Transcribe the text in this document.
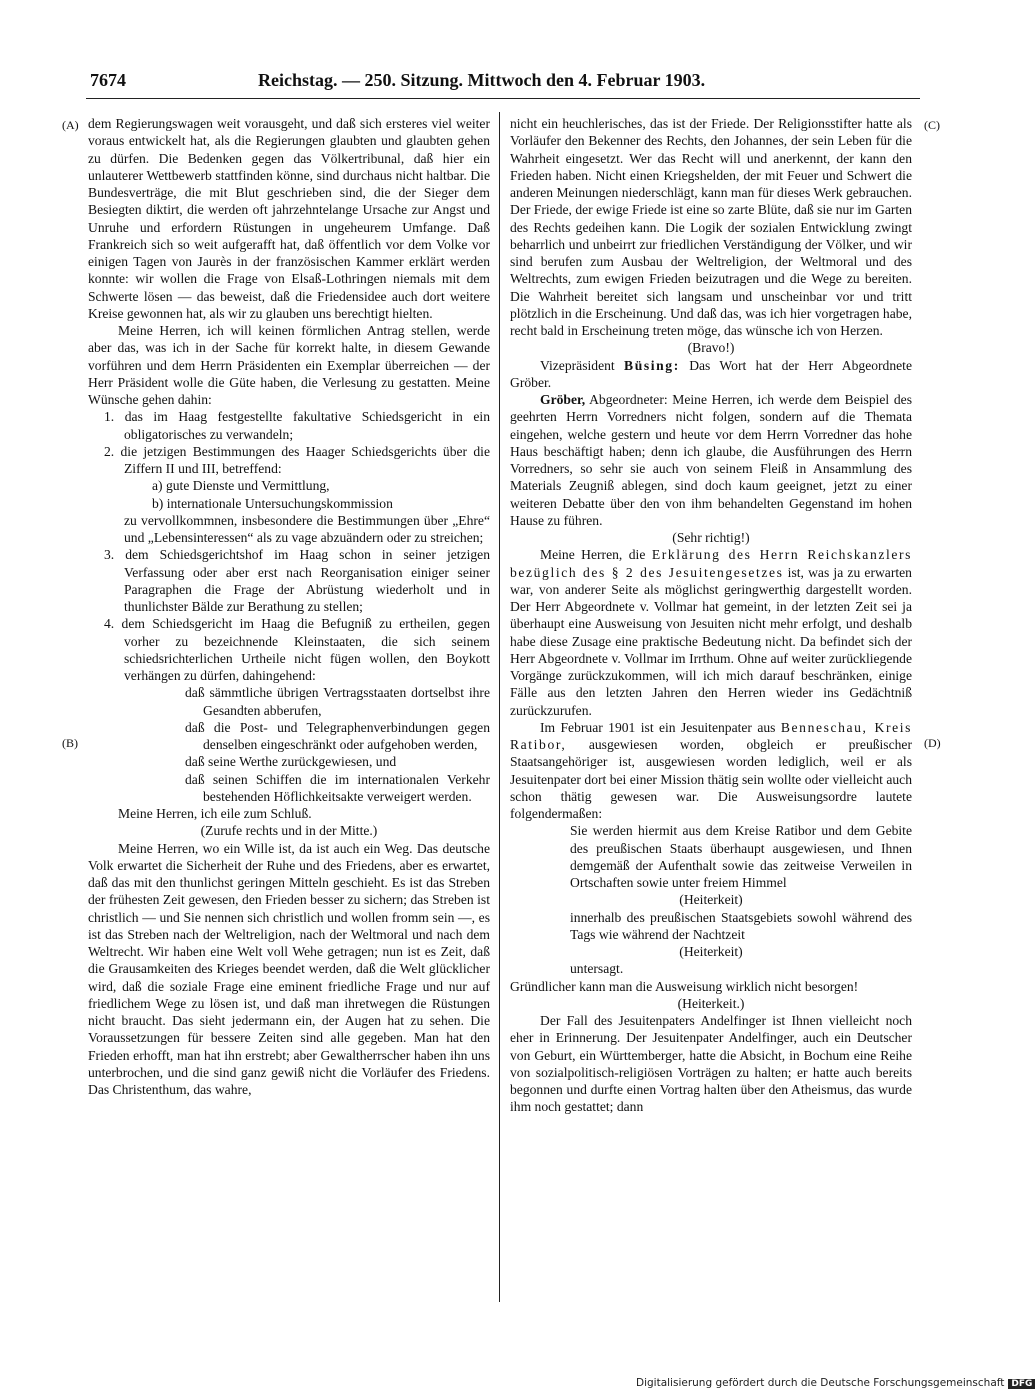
7674	Reichstag. — 250. Sitzung. Mittwoch den 4. Februar 1903.
(A)
(B)
(C)
(D)

dem Regierungswagen weit vorausgeht, und daß sich ersteres viel weiter voraus entwickelt hat, als die Regierungen glaubten und glaubten gehen zu dürfen. Die Bedenken gegen das Völkertribunal, daß hier ein unlauterer Wettbewerb stattfinden könne, sind durchaus nicht haltbar. Die Bundesverträge, die mit Blut geschrieben sind, die der Sieger dem Besiegten diktirt, die werden oft jahrzehntelange Ursache zur Angst und Unruhe und erfordern Rüstungen in ungeheurem Umfange. Daß Frankreich sich so weit aufgerafft hat, daß öffentlich vor dem Volke vor einigen Tagen von Jaurès in der französischen Kammer erklärt werden konnte: wir wollen die Frage von Elsaß-Lothringen niemals mit dem Schwerte lösen — das beweist, daß die Friedensidee auch dort weitere Kreise gewonnen hat, als wir zu glauben uns berechtigt hielten.

Meine Herren, ich will keinen förmlichen Antrag stellen, werde aber das, was ich in der Sache für korrekt halte, in diesem Gewande vorführen und dem Herrn Präsidenten ein Exemplar überreichen — der Herr Präsident wolle die Güte haben, die Verlesung zu gestatten. Meine Wünsche gehen dahin:

1. das im Haag festgestellte fakultative Schiedsgericht in ein obligatorisches zu verwandeln;

2. die jetzigen Bestimmungen des Haager Schiedsgerichts über die Ziffern II und III, betreffend:

a) gute Dienste und Vermittlung,

b) internationale Untersuchungskommission

zu vervollkommnen, insbesondere die Bestimmungen über „Ehre“ und „Lebensinteressen“ als zu vage abzuändern oder zu streichen;

3. dem Schiedsgerichtshof im Haag schon in seiner jetzigen Verfassung oder aber erst nach Reorganisation einiger seiner Paragraphen die Frage der Abrüstung wiederholt und in thunlichster Bälde zur Berathung zu stellen;

4. dem Schiedsgericht im Haag die Befugniß zu ertheilen, gegen vorher zu bezeichnende Kleinstaaten, die sich seinem schiedsrichterlichen Urtheile nicht fügen wollen, den Boykott verhängen zu dürfen, dahingehend:

daß sämmtliche übrigen Vertragsstaaten dortselbst ihre Gesandten abberufen,

daß die Post- und Telegraphenverbindungen gegen denselben eingeschränkt oder aufgehoben werden,

daß seine Werthe zurückgewiesen, und

daß seinen Schiffen die im internationalen Verkehr bestehenden Höflichkeitsakte verweigert werden.

Meine Herren, ich eile zum Schluß.

(Zurufe rechts und in der Mitte.)

Meine Herren, wo ein Wille ist, da ist auch ein Weg. Das deutsche Volk erwartet die Sicherheit der Ruhe und des Friedens, aber es erwartet, daß das mit den thunlichst geringen Mitteln geschieht. Es ist das Streben der frühesten Zeit gewesen, den Frieden besser zu sichern; das Streben ist christlich — und Sie nennen sich christlich und wollen fromm sein —, es ist das Streben nach der Weltreligion, nach der Weltmoral und nach dem Weltrecht. Wir haben eine Welt voll Wehe getragen; nun ist es Zeit, daß die Grausamkeiten des Krieges beendet werden, daß die Welt glücklicher wird, daß die soziale Frage eine eminent friedliche Frage und nur auf friedlichem Wege zu lösen ist, und daß man ihretwegen die Rüstungen nicht braucht. Das sieht jedermann ein, der Augen hat zu sehen. Die Voraussetzungen für bessere Zeiten sind alle gegeben. Man hat den Frieden erhofft, man hat ihn erstrebt; aber Gewaltherrscher haben ihn uns unterbrochen, und die sind ganz gewiß nicht die Vorläufer des Friedens. Das Christenthum, das wahre,

nicht ein heuchlerisches, das ist der Friede. Der Religionsstifter hatte als Vorläufer den Bekenner des Rechts, den Johannes, der sein Leben für die Wahrheit eingesetzt. Wer das Recht will und anerkennt, der kann den Frieden haben. Nicht einen Kriegshelden, der mit Feuer und Schwert die anderen Meinungen niederschlägt, kann man für dieses Werk gebrauchen. Der Friede, der ewige Friede ist eine so zarte Blüte, daß sie nur im Garten des Rechts gedeihen kann. Die Logik der sozialen Entwicklung zwingt beharrlich und unbeirrt zur friedlichen Verständigung der Völker, und wir sind berufen zum Ausbau der Weltreligion, der Weltmoral und des Weltrechts, zum ewigen Frieden beizutragen und die Wege zu bereiten. Die Wahrheit bereitet sich langsam und unscheinbar vor und tritt plötzlich in die Erscheinung. Und daß das, was ich hier vorgetragen habe, recht bald in Erscheinung treten möge, das wünsche ich von Herzen.

(Bravo!)

Vizepräsident Büsing: Das Wort hat der Herr Abgeordnete Gröber.

Gröber, Abgeordneter: Meine Herren, ich werde dem Beispiel des geehrten Herrn Vorredners nicht folgen, sondern auf die Themata eingehen, welche gestern und heute vor dem Herrn Vorredner das hohe Haus beschäftigt haben; denn ich glaube, die Ausführungen des Herrn Vorredners, so sehr sie auch von seinem Fleiß in Ansammlung des Materials Zeugniß ablegen, sind doch kaum geeignet, jetzt zu einer weiteren Debatte über den von ihm behandelten Gegenstand im hohen Hause zu führen.

(Sehr richtig!)

Meine Herren, die Erklärung des Herrn Reichskanzlers bezüglich des § 2 des Jesuitengesetzes ist, was ja zu erwarten war, von anderer Seite als möglichst geringwerthig dargestellt worden. Der Herr Abgeordnete v. Vollmar hat gemeint, in der letzten Zeit sei ja überhaupt eine Ausweisung von Jesuiten nicht mehr erfolgt, und deshalb habe diese Zusage eine praktische Bedeutung nicht. Da befindet sich der Herr Abgeordnete v. Vollmar im Irrthum. Ohne auf weiter zurückliegende Vorgänge zurückzukommen, will ich mich darauf beschränken, einige Fälle aus den letzten Jahren den Herren wieder ins Gedächtniß zurückzurufen.

Im Februar 1901 ist ein Jesuitenpater aus Benneschau, Kreis Ratibor, ausgewiesen worden, obgleich er preußischer Staatsangehöriger ist, ausgewiesen worden lediglich, weil er als Jesuitenpater dort bei einer Mission thätig sein wollte oder vielleicht auch schon thätig gewesen war. Die Ausweisungsordre lautete folgendermaßen:

Sie werden hiermit aus dem Kreise Ratibor und dem Gebite des preußischen Staats überhaupt ausgewiesen, und Ihnen demgemäß der Aufenthalt sowie das zeitweise Verweilen in Ortschaften sowie unter freiem Himmel

(Heiterkeit)

innerhalb des preußischen Staatsgebiets sowohl während des Tags wie während der Nachtzeit

(Heiterkeit)

untersagt.

Gründlicher kann man die Ausweisung wirklich nicht besorgen!

(Heiterkeit.)

Der Fall des Jesuitenpaters Andelfinger ist Ihnen vielleicht noch eher in Erinnerung. Der Jesuitenpater Andelfinger, auch ein Deutscher von Geburt, ein Württemberger, hatte die Absicht, in Bochum eine Reihe von sozialpolitisch-religiösen Vorträgen zu halten; er hatte auch bereits begonnen und durfte einen Vortrag halten über den Atheismus, das wurde ihm noch gestattet; dann

Digitalisierung gefördert durch die Deutsche Forschungsgemeinschaft DFG
